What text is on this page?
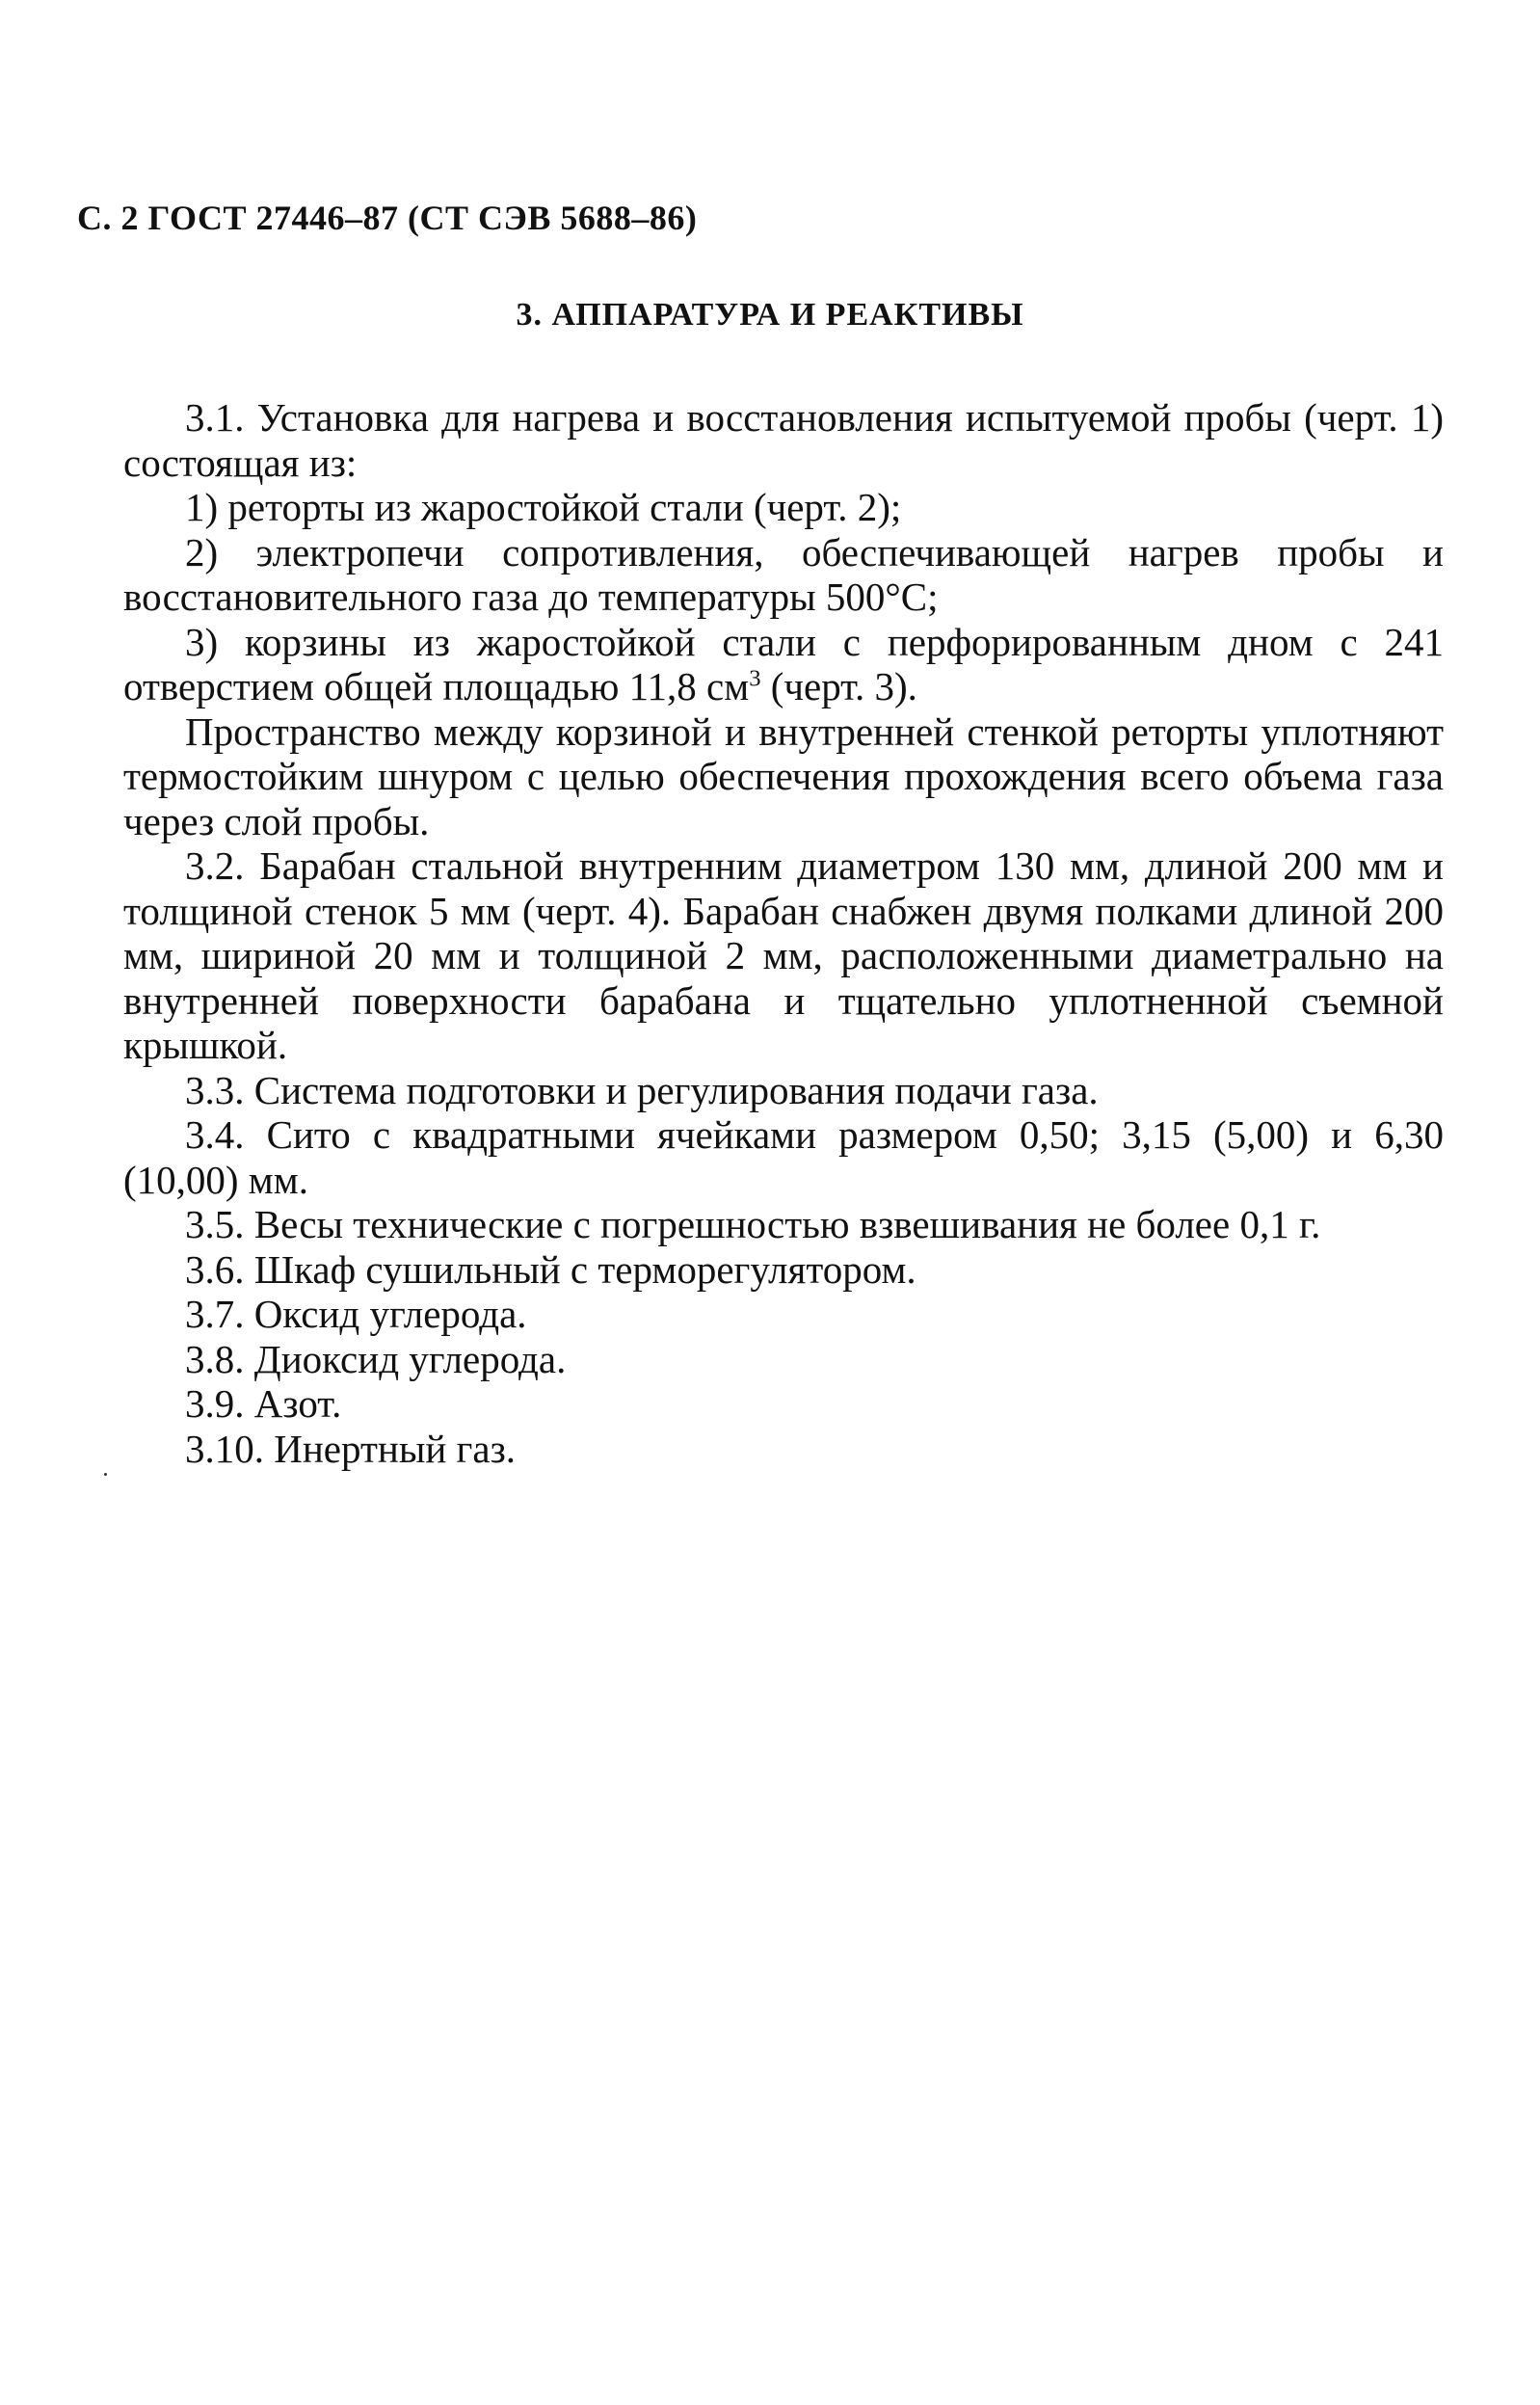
С. 2 ГОСТ 27446–87 (СТ СЭВ 5688–86)
3. АППАРАТУРА И РЕАКТИВЫ

3.1. Установка для нагрева и восстановления испытуемой пробы (черт. 1) состоящая из:

1) реторты из жаростойкой стали (черт. 2);

2) электропечи сопротивления, обеспечивающей нагрев пробы и восстановительного газа до температуры 500°С;

3) корзины из жаростойкой стали с перфорированным дном с 241 отверстием общей площадью 11,8 $см^3$ (черт. 3).

Пространство между корзиной и внутренней стенкой реторты уплотняют термостойким шнуром с целью обеспечения прохождения всего объема газа через слой пробы.

3.2. Барабан стальной внутренним диаметром 130 мм, длиной 200 мм и толщиной стенок 5 мм (черт. 4). Барабан снабжен двумя полками длиной 200 мм, шириной 20 мм и толщиной 2 мм, расположенными диаметрально на внутренней поверхности барабана и тщательно уплотненной съемной крышкой.

3.3. Система подготовки и регулирования подачи газа.

3.4. Сито с квадратными ячейками размером 0,50; 3,15 (5,00) и 6,30 (10,00) мм.

3.5. Весы технические с погрешностью взвешивания не более 0,1 г.

3.6. Шкаф сушильный с терморегулятором.

3.7. Оксид углерода.

3.8. Диоксид углерода.

3.9. Азот.

3.10. Инертный газ.
